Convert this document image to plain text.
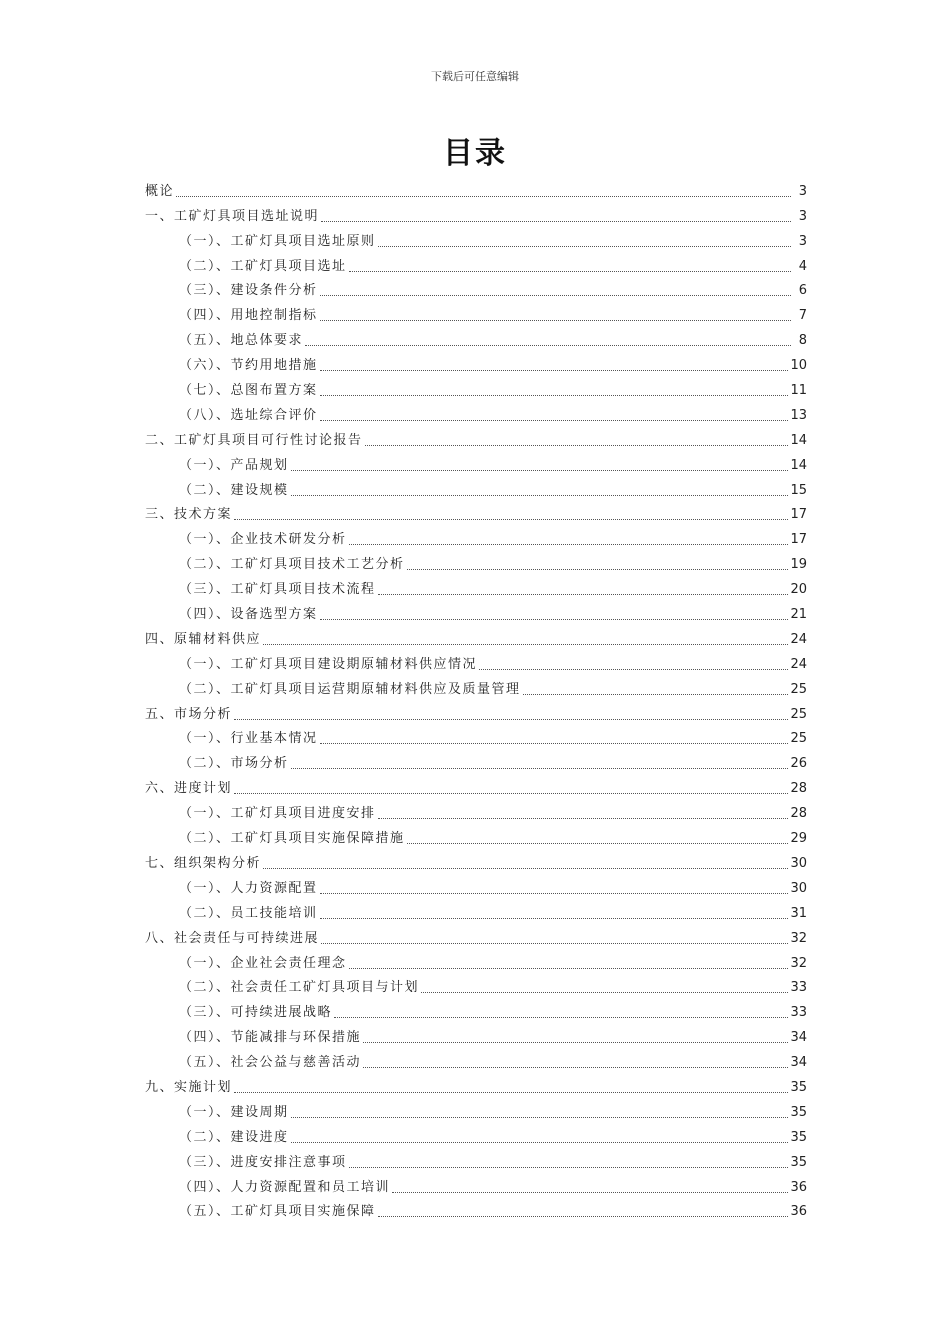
下载后可任意编辑
目录
概论	3
一、工矿灯具项目选址说明	3
（一）、工矿灯具项目选址原则	3
（二）、工矿灯具项目选址	4
（三）、建设条件分析	6
（四）、用地控制指标	7
（五）、地总体要求	8
（六）、节约用地措施	10
（七）、总图布置方案	11
（八）、选址综合评价	13
二、工矿灯具项目可行性讨论报告	14
（一）、产品规划	14
（二）、建设规模	15
三、技术方案	17
（一）、企业技术研发分析	17
（二）、工矿灯具项目技术工艺分析	19
（三）、工矿灯具项目技术流程	20
（四）、设备选型方案	21
四、原辅材料供应	24
（一）、工矿灯具项目建设期原辅材料供应情况	24
（二）、工矿灯具项目运营期原辅材料供应及质量管理	25
五、市场分析	25
（一）、行业基本情况	25
（二）、市场分析	26
六、进度计划	28
（一）、工矿灯具项目进度安排	28
（二）、工矿灯具项目实施保障措施	29
七、组织架构分析	30
（一）、人力资源配置	30
（二）、员工技能培训	31
八、社会责任与可持续进展	32
（一）、企业社会责任理念	32
（二）、社会责任工矿灯具项目与计划	33
（三）、可持续进展战略	33
（四）、节能减排与环保措施	34
（五）、社会公益与慈善活动	34
九、实施计划	35
（一）、建设周期	35
（二）、建设进度	35
（三）、进度安排注意事项	35
（四）、人力资源配置和员工培训	36
（五）、工矿灯具项目实施保障	36
